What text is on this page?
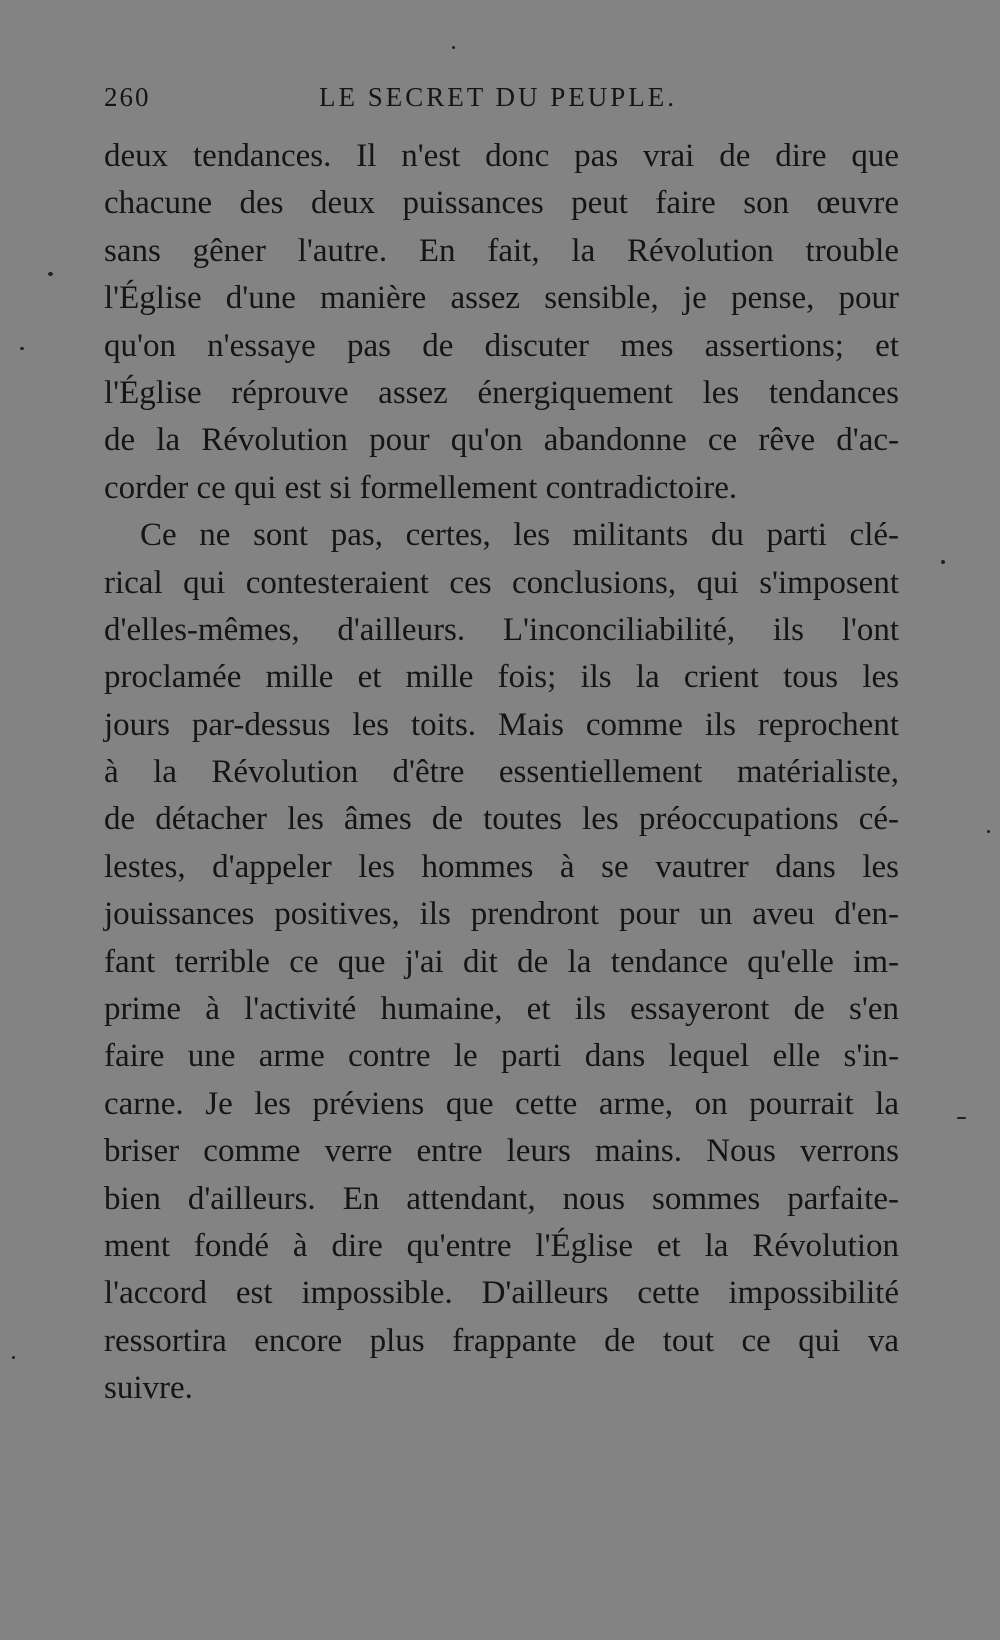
260	LE SECRET DU PEUPLE.
deux tendances. Il n'est donc pas vrai de dire que
chacune des deux puissances peut faire son œuvre
sans gêner l'autre. En fait, la Révolution trouble
l'Église d'une manière assez sensible, je pense, pour
qu'on n'essaye pas de discuter mes assertions; et
l'Église réprouve assez énergiquement les tendances
de la Révolution pour qu'on abandonne ce rêve d'ac-
corder ce qui est si formellement contradictoire.
Ce ne sont pas, certes, les militants du parti clé-
rical qui contesteraient ces conclusions, qui s'imposent
d'elles-mêmes, d'ailleurs. L'inconciliabilité, ils l'ont
proclamée mille et mille fois; ils la crient tous les
jours par-dessus les toits. Mais comme ils reprochent
à la Révolution d'être essentiellement matérialiste,
de détacher les âmes de toutes les préoccupations cé-
lestes, d'appeler les hommes à se vautrer dans les
jouissances positives, ils prendront pour un aveu d'en-
fant terrible ce que j'ai dit de la tendance qu'elle im-
prime à l'activité humaine, et ils essayeront de s'en
faire une arme contre le parti dans lequel elle s'in-
carne. Je les préviens que cette arme, on pourrait la
briser comme verre entre leurs mains. Nous verrons
bien d'ailleurs. En attendant, nous sommes parfaite-
ment fondé à dire qu'entre l'Église et la Révolution
l'accord est impossible. D'ailleurs cette impossibilité
ressortira encore plus frappante de tout ce qui va
suivre.
